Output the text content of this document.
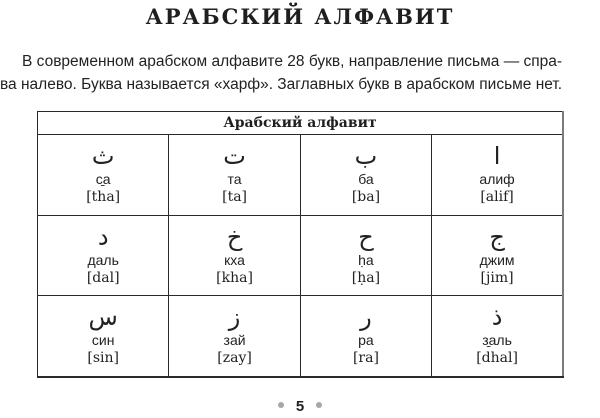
АРАБСКИЙ АЛФАВИТ
В современном арабском алфавите 28 букв, направление письма — спра-
ва налево. Буква называется «харф». Заглавных букв в арабском письме нет.
Арабский алфавит			

ث
с̱а
[tha]	ت
та
[ta]	ب
ба
[ba]	ا
алиф
[alif]

د
даль
[dal]	خ
кха
[kha]	ح
ḥа
[ḥa]	ج
джим
[jim]

س
син
[sin]	ز
зай
[zay]	ر
ра
[ra]	ذ
з̱аль
[dhal]
5
